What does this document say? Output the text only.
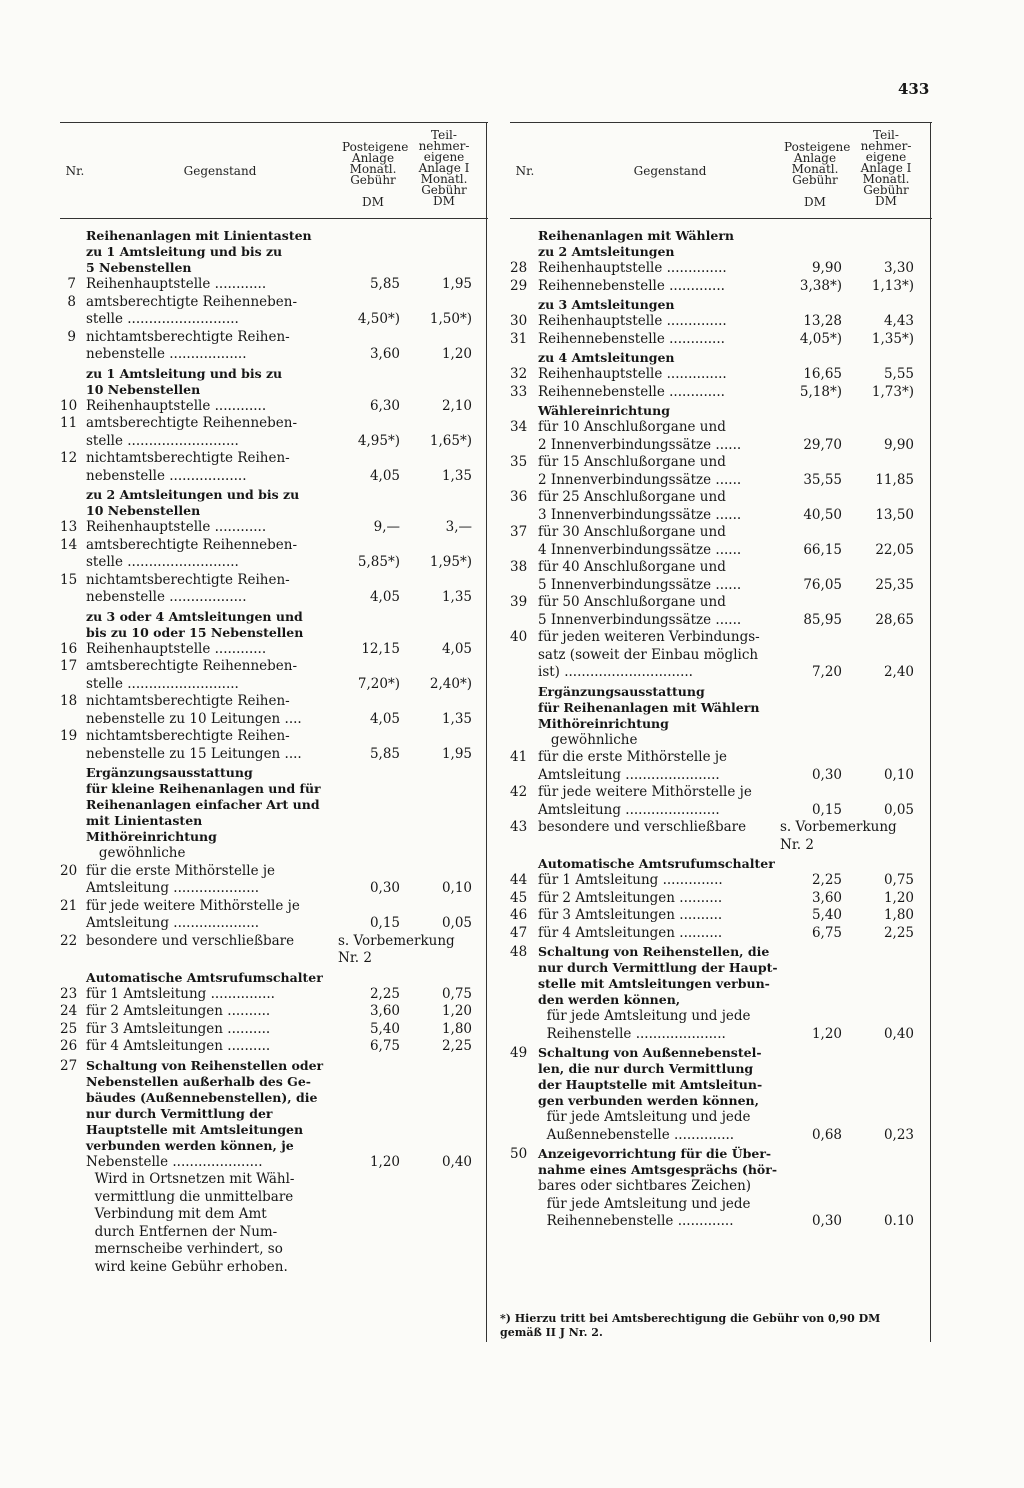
433
Nr.	Gegenstand
Posteigene
Anlage
Monatl.
Gebühr

DM
Teil-
nehmer-
eigene
Anlage I
Monatl.
Gebühr
DM
Reihenanlagen mit Linientasten
zu 1 Amtsleitung und bis zu
5 Nebenstellen
7 Reihenhauptstelle ............	5,85	1,95
8 amtsberechtigte Reihenneben-
stelle ..........................	4,50*)	1,50*)
9 nichtamtsberechtigte Reihen-
nebenstelle ..................	3,60	1,20
zu 1 Amtsleitung und bis zu
10 Nebenstellen
10 Reihenhauptstelle ............	6,30	2,10
11 amtsberechtigte Reihenneben-
stelle ..........................	4,95*)	1,65*)
12 nichtamtsberechtigte Reihen-
nebenstelle ..................	4,05	1,35
zu 2 Amtsleitungen und bis zu
10 Nebenstellen
13 Reihenhauptstelle ............	9,—	3,—
14 amtsberechtigte Reihenneben-
stelle ..........................	5,85*)	1,95*)
15 nichtamtsberechtigte Reihen-
nebenstelle ..................	4,05	1,35
zu 3 oder 4 Amtsleitungen und
bis zu 10 oder 15 Nebenstellen
16 Reihenhauptstelle ............	12,15	4,05
17 amtsberechtigte Reihenneben-
stelle ..........................	7,20*)	2,40*)
18 nichtamtsberechtigte Reihen-
nebenstelle zu 10 Leitungen ....	4,05	1,35
19 nichtamtsberechtigte Reihen-
nebenstelle zu 15 Leitungen ....	5,85	1,95
Ergänzungsausstattung
für kleine Reihenanlagen und für
Reihenanlagen einfacher Art und
mit Linientasten
Mithöreinrichtung
gewöhnliche
20 für die erste Mithörstelle je
Amtsleitung ....................	0,30	0,10
21 für jede weitere Mithörstelle je
Amtsleitung ....................	0,15	0,05
22 besondere und verschließbare	s. Vorbemerkung
Nr. 2
Automatische Amtsrufumschalter
23 für 1 Amtsleitung ...............	2,25	0,75
24 für 2 Amtsleitungen ..........	3,60	1,20
25 für 3 Amtsleitungen ..........	5,40	1,80
26 für 4 Amtsleitungen ..........	6,75	2,25
27 Schaltung von Reihenstellen oder
Nebenstellen außerhalb des Ge-
bäudes (Außennebenstellen), die
nur durch Vermittlung der
Hauptstelle mit Amtsleitungen
verbunden werden können, je
Nebenstelle .....................	1,20	0,40
Wird in Ortsnetzen mit Wähl-
vermittlung die unmittelbare
Verbindung mit dem Amt
durch Entfernen der Num-
mernscheibe verhindert, so
wird keine Gebühr erhoben.
Nr.	Gegenstand
Posteigene
Anlage
Monatl.
Gebühr

DM
Teil-
nehmer-
eigene
Anlage I
Monatl.
Gebühr
DM
Reihenanlagen mit Wählern
zu 2 Amtsleitungen
28 Reihenhauptstelle ..............	9,90	3,30
29 Reihennebenstelle .............	3,38*)	1,13*)
zu 3 Amtsleitungen
30 Reihenhauptstelle ..............	13,28	4,43
31 Reihennebenstelle .............	4,05*)	1,35*)
zu 4 Amtsleitungen
32 Reihenhauptstelle ..............	16,65	5,55
33 Reihennebenstelle .............	5,18*)	1,73*)
Wählereinrichtung
34 für 10 Anschlußorgane und
2 Innenverbindungssätze ......	29,70	9,90
35 für 15 Anschlußorgane und
2 Innenverbindungssätze ......	35,55	11,85
36 für 25 Anschlußorgane und
3 Innenverbindungssätze ......	40,50	13,50
37 für 30 Anschlußorgane und
4 Innenverbindungssätze ......	66,15	22,05
38 für 40 Anschlußorgane und
5 Innenverbindungssätze ......	76,05	25,35
39 für 50 Anschlußorgane und
5 Innenverbindungssätze ......	85,95	28,65
40 für jeden weiteren Verbindungs-
satz (soweit der Einbau möglich
ist) ..............................	7,20	2,40
Ergänzungsausstattung
für Reihenanlagen mit Wählern
Mithöreinrichtung
gewöhnliche
41 für die erste Mithörstelle je
Amtsleitung ......................	0,30	0,10
42 für jede weitere Mithörstelle je
Amtsleitung ......................	0,15	0,05
43 besondere und verschließbare	s. Vorbemerkung
Nr. 2
Automatische Amtsrufumschalter
44 für 1 Amtsleitung ..............	2,25	0,75
45 für 2 Amtsleitungen ..........	3,60	1,20
46 für 3 Amtsleitungen ..........	5,40	1,80
47 für 4 Amtsleitungen ..........	6,75	2,25
48 Schaltung von Reihenstellen, die
nur durch Vermittlung der Haupt-
stelle mit Amtsleitungen verbun-
den werden können,
für jede Amtsleitung und jede
Reihenstelle .....................	1,20	0,40
49 Schaltung von Außennebenstel-
len, die nur durch Vermittlung
der Hauptstelle mit Amtsleitun-
gen verbunden werden können,
für jede Amtsleitung und jede
Außennebenstelle ..............	0,68	0,23
50 Anzeigevorrichtung für die Über-
nahme eines Amtsgesprächs (hör-
bares oder sichtbares Zeichen)
für jede Amtsleitung und jede
Reihennebenstelle .............	0,30	0.10
*) Hierzu tritt bei Amtsberechtigung die Gebühr von 0,90 DM
gemäß II J Nr. 2.
